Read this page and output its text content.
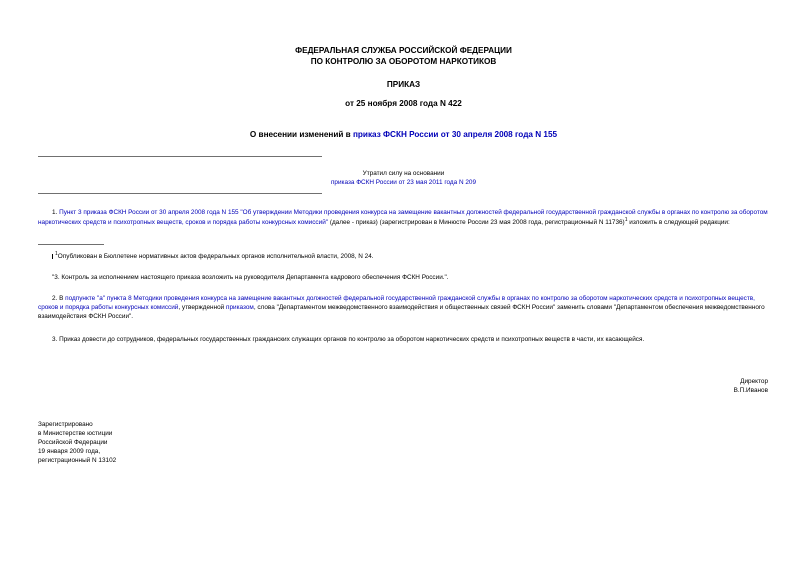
ФЕДЕРАЛЬНАЯ СЛУЖБА РОССИЙСКОЙ ФЕДЕРАЦИИ
ПО КОНТРОЛЮ ЗА ОБОРОТОМ НАРКОТИКОВ
ПРИКАЗ
от 25 ноября 2008 года N 422
О внесении изменений в приказ ФСКН России от 30 апреля 2008 года N 155
Утратил силу на основании
приказа ФСКН России от 23 мая 2011 года N 209
1. Пункт 3 приказа ФСКН России от 30 апреля 2008 года N 155 "Об утверждении Методики проведения конкурса на замещение вакантных должностей федеральной государственной гражданской службы в органах по контролю за оборотом наркотических средств и психотропных веществ, сроков и порядка работы конкурсных комиссий" (далее - приказ) (зарегистрирован в Минюсте России 23 мая 2008 года, регистрационный N 11736)$^1$ изложить в следующей редакции:
$^1$Опубликован в Бюллетене нормативных актов федеральных органов исполнительной власти, 2008, N 24.
"3. Контроль за исполнением настоящего приказа возложить на руководителя Департамента кадрового обеспечения ФСКН России.".
2. В подпункте "а" пункта 8 Методики проведения конкурса на замещение вакантных должностей федеральной государственной гражданской службы в органах по контролю за оборотом наркотических средств и психотропных веществ, сроков и порядка работы конкурсных комиссий, утвержденной приказом, слова "Департаментом межведомственного взаимодействия и общественных связей ФСКН России" заменить словами "Департаментом обеспечения межведомственного взаимодействия ФСКН России".
3. Приказ довести до сотрудников, федеральных государственных гражданских служащих органов по контролю за оборотом наркотических средств и психотропных веществ в части, их касающейся.
Директор
В.П.Иванов
Зарегистрировано
в Министерстве юстиции
Российской Федерации
19 января 2009 года,
регистрационный N 13102
